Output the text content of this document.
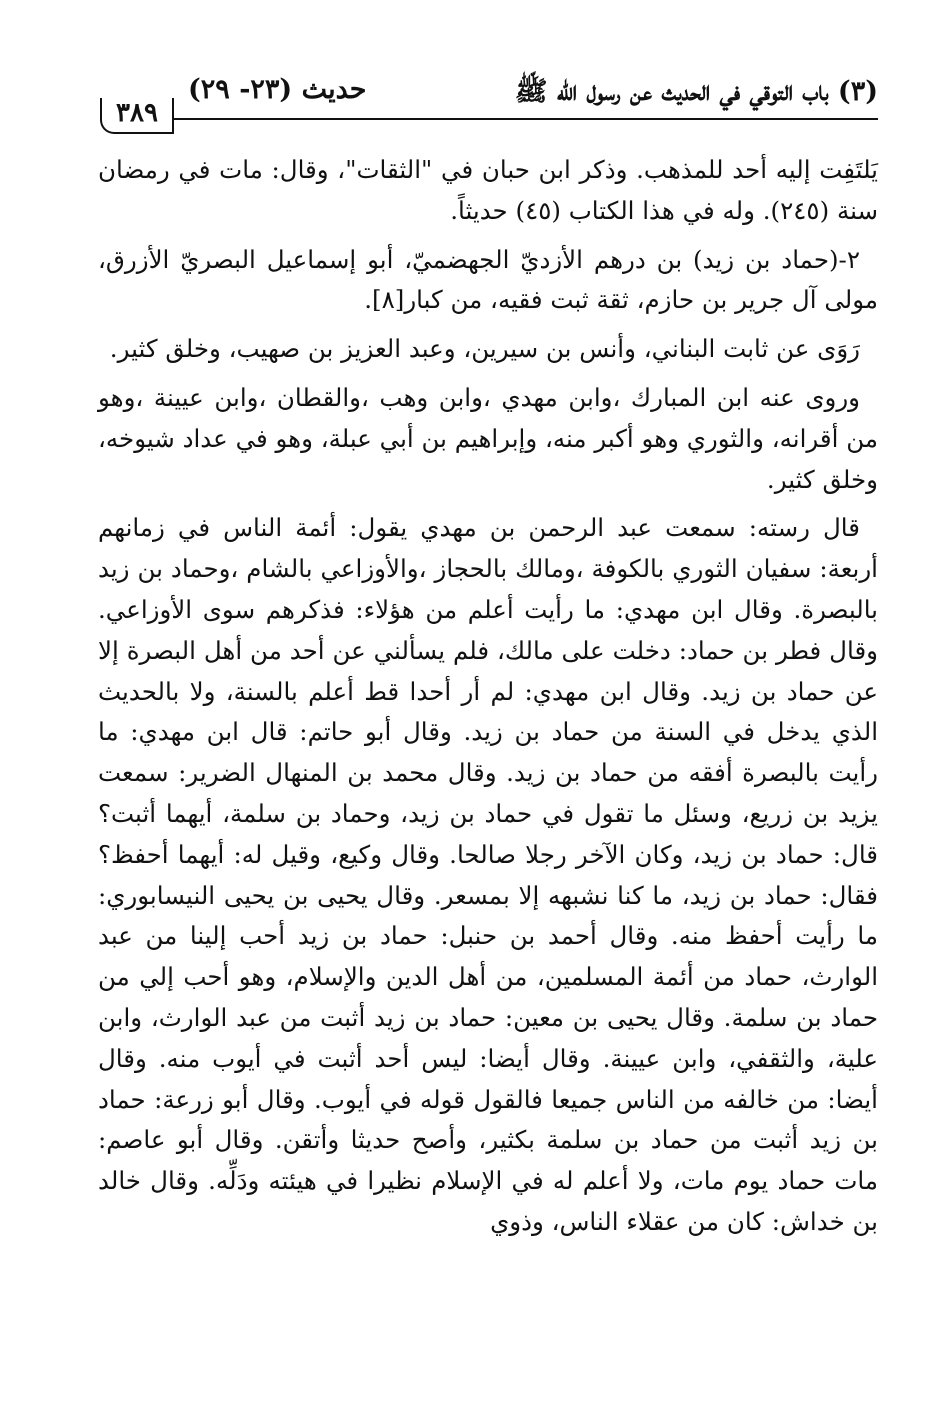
(٣) باب التوقي في الحديث عن رسول الله ﷺ
حديث (٢٣- ٢٩)
٣٨٩

يَلتَفِت إليه أحد للمذهب. وذكر ابن حبان في "الثقات"، وقال: مات في رمضان سنة (٢٤٥). وله في هذا الكتاب (٤٥) حديثاً.

٢-(حماد بن زيد) بن درهم الأزديّ الجهضميّ، أبو إسماعيل البصريّ الأزرق، مولى آل جرير بن حازم، ثقة ثبت فقيه، من كبار[٨].

رَوَى عن ثابت البناني، وأنس بن سيرين، وعبد العزيز بن صهيب، وخلق كثير.

وروى عنه ابن المبارك ،وابن مهدي ،وابن وهب ،والقطان ،وابن عيينة ،وهو من أقرانه، والثوري وهو أكبر منه، وإبراهيم بن أبي عبلة، وهو في عداد شيوخه، وخلق كثير.

قال رسته: سمعت عبد الرحمن بن مهدي يقول: أئمة الناس في زمانهم أربعة: سفيان الثوري بالكوفة ،ومالك بالحجاز ،والأوزاعي بالشام ،وحماد بن زيد بالبصرة. وقال ابن مهدي: ما رأيت أعلم من هؤلاء: فذكرهم سوى الأوزاعي. وقال فطر بن حماد: دخلت على مالك، فلم يسألني عن أحد من أهل البصرة إلا عن حماد بن زيد. وقال ابن مهدي: لم أر أحدا قط أعلم بالسنة، ولا بالحديث الذي يدخل في السنة من حماد بن زيد. وقال أبو حاتم: قال ابن مهدي: ما رأيت بالبصرة أفقه من حماد بن زيد. وقال محمد بن المنهال الضرير: سمعت يزيد بن زريع، وسئل ما تقول في حماد بن زيد، وحماد بن سلمة، أيهما أثبت؟ قال: حماد بن زيد، وكان الآخر رجلا صالحا. وقال وكيع، وقيل له: أيهما أحفظ؟ فقال: حماد بن زيد، ما كنا نشبهه إلا بمسعر. وقال يحيى بن يحيى النيسابوري: ما رأيت أحفظ منه. وقال أحمد بن حنبل: حماد بن زيد أحب إلينا من عبد الوارث، حماد من أئمة المسلمين، من أهل الدين والإسلام، وهو أحب إلي من حماد بن سلمة. وقال يحيى بن معين: حماد بن زيد أثبت من عبد الوارث، وابن علية، والثقفي، وابن عيينة. وقال أيضا: ليس أحد أثبت في أيوب منه. وقال أيضا: من خالفه من الناس جميعا فالقول قوله في أيوب. وقال أبو زرعة: حماد بن زيد أثبت من حماد بن سلمة بكثير، وأصح حديثا وأتقن. وقال أبو عاصم: مات حماد يوم مات، ولا أعلم له في الإسلام نظيرا في هيئته ودَلِّه. وقال خالد بن خداش: كان من عقلاء الناس، وذوي
